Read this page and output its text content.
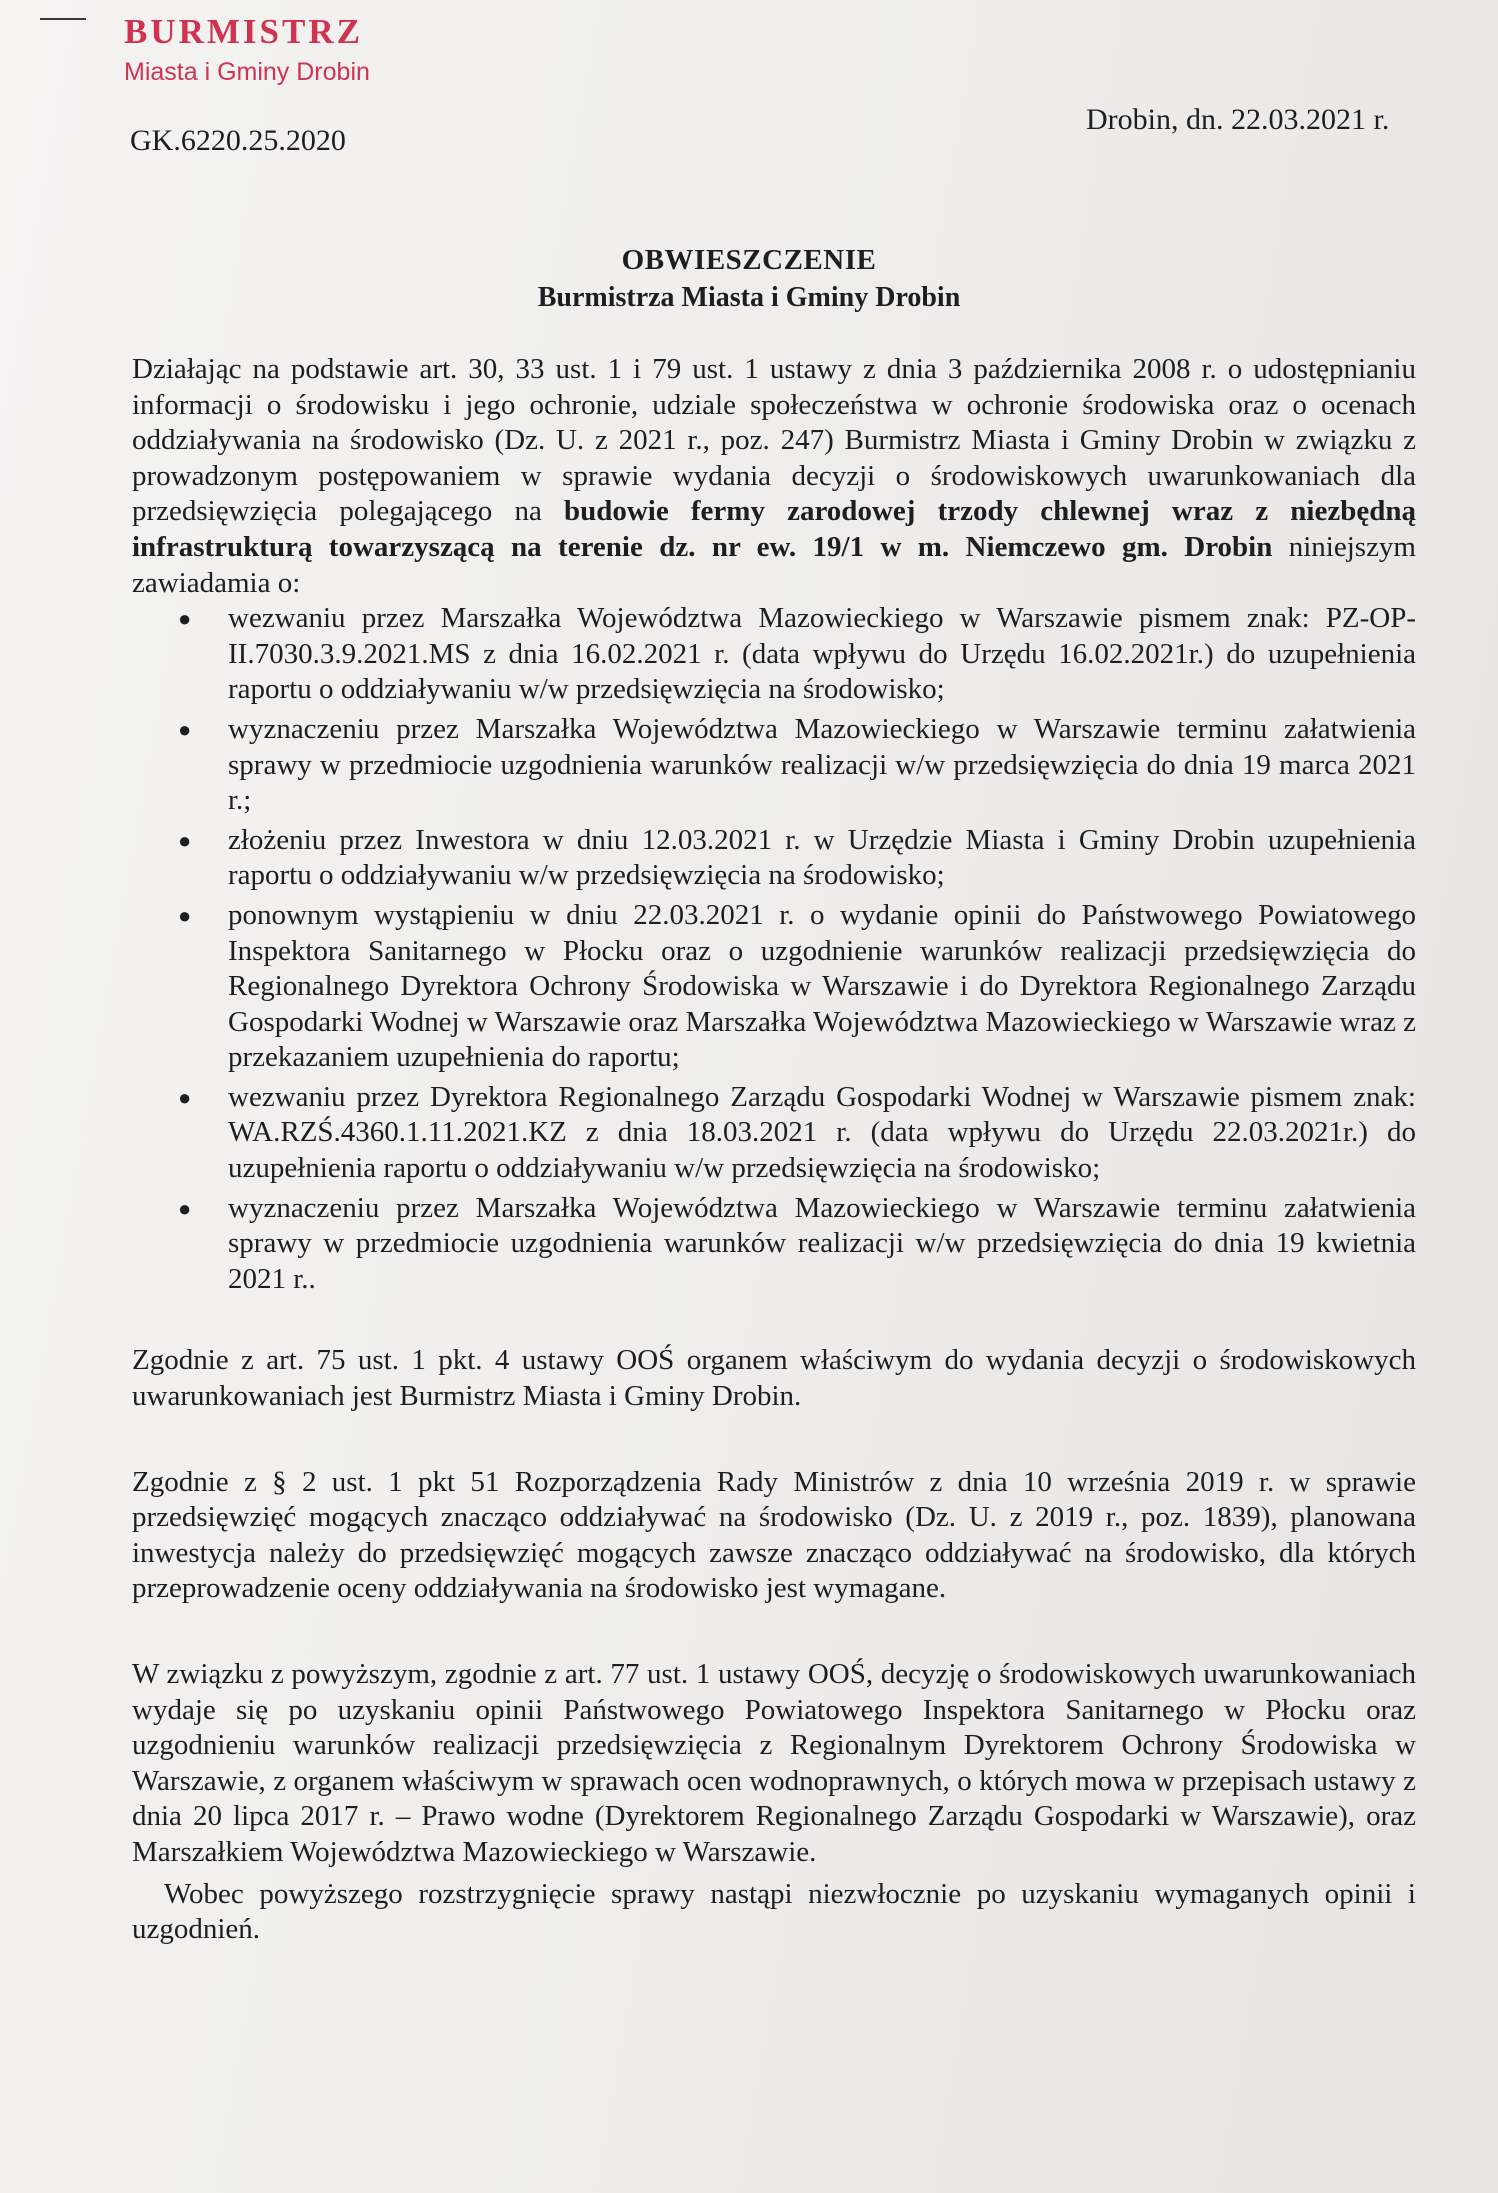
BURMISTRZ
Miasta i Gminy Drobin
GK.6220.25.2020
Drobin, dn. 22.03.2021 r.
OBWIESZCZENIE
Burmistrza Miasta i Gminy Drobin

Działając na podstawie art. 30, 33 ust. 1 i 79 ust. 1 ustawy z dnia 3 października 2008 r. o udostępnianiu informacji o środowisku i jego ochronie, udziale społeczeństwa w ochronie środowiska oraz o ocenach oddziaływania na środowisko (Dz. U. z 2021 r., poz. 247) Burmistrz Miasta i Gminy Drobin w związku z prowadzonym postępowaniem w sprawie wydania decyzji o środowiskowych uwarunkowaniach dla przedsięwzięcia polegającego na budowie fermy zarodowej trzody chlewnej wraz z niezbędną infrastrukturą towarzyszącą na terenie dz. nr ew. 19/1 w m. Niemczewo gm. Drobin niniejszym zawiadamia o:

● wezwaniu przez Marszałka Województwa Mazowieckiego w Warszawie pismem znak: PZ-OP-II.7030.3.9.2021.MS z dnia 16.02.2021 r. (data wpływu do Urzędu 16.02.2021r.) do uzupełnienia raportu o oddziaływaniu w/w przedsięwzięcia na środowisko;
● wyznaczeniu przez Marszałka Województwa Mazowieckiego w Warszawie terminu załatwienia sprawy w przedmiocie uzgodnienia warunków realizacji w/w przedsięwzięcia do dnia 19 marca 2021 r.;
● złożeniu przez Inwestora w dniu 12.03.2021 r. w Urzędzie Miasta i Gminy Drobin uzupełnienia raportu o oddziaływaniu w/w przedsięwzięcia na środowisko;
● ponownym wystąpieniu w dniu 22.03.2021 r. o wydanie opinii do Państwowego Powiatowego Inspektora Sanitarnego w Płocku oraz o uzgodnienie warunków realizacji przedsięwzięcia do Regionalnego Dyrektora Ochrony Środowiska w Warszawie i do Dyrektora Regionalnego Zarządu Gospodarki Wodnej w Warszawie oraz Marszałka Województwa Mazowieckiego w Warszawie wraz z przekazaniem uzupełnienia do raportu;
● wezwaniu przez Dyrektora Regionalnego Zarządu Gospodarki Wodnej w Warszawie pismem znak: WA.RZŚ.4360.1.11.2021.KZ z dnia 18.03.2021 r. (data wpływu do Urzędu 22.03.2021r.) do uzupełnienia raportu o oddziaływaniu w/w przedsięwzięcia na środowisko;
● wyznaczeniu przez Marszałka Województwa Mazowieckiego w Warszawie terminu załatwienia sprawy w przedmiocie uzgodnienia warunków realizacji w/w przedsięwzięcia do dnia 19 kwietnia 2021 r..

Zgodnie z art. 75 ust. 1 pkt. 4 ustawy OOŚ organem właściwym do wydania decyzji o środowiskowych uwarunkowaniach jest Burmistrz Miasta i Gminy Drobin.

Zgodnie z § 2 ust. 1 pkt 51 Rozporządzenia Rady Ministrów z dnia 10 września 2019 r. w sprawie przedsięwzięć mogących znacząco oddziaływać na środowisko (Dz. U. z 2019 r., poz. 1839), planowana inwestycja należy do przedsięwzięć mogących zawsze znacząco oddziaływać na środowisko, dla których przeprowadzenie oceny oddziaływania na środowisko jest wymagane.

W związku z powyższym, zgodnie z art. 77 ust. 1 ustawy OOŚ, decyzję o środowiskowych uwarunkowaniach wydaje się po uzyskaniu opinii Państwowego Powiatowego Inspektora Sanitarnego w Płocku oraz uzgodnieniu warunków realizacji przedsięwzięcia z Regionalnym Dyrektorem Ochrony Środowiska w Warszawie, z organem właściwym w sprawach ocen wodnoprawnych, o których mowa w przepisach ustawy z dnia 20 lipca 2017 r. – Prawo wodne (Dyrektorem Regionalnego Zarządu Gospodarki w Warszawie), oraz Marszałkiem Województwa Mazowieckiego w Warszawie.

Wobec powyższego rozstrzygnięcie sprawy nastąpi niezwłocznie po uzyskaniu wymaganych opinii i uzgodnień.
